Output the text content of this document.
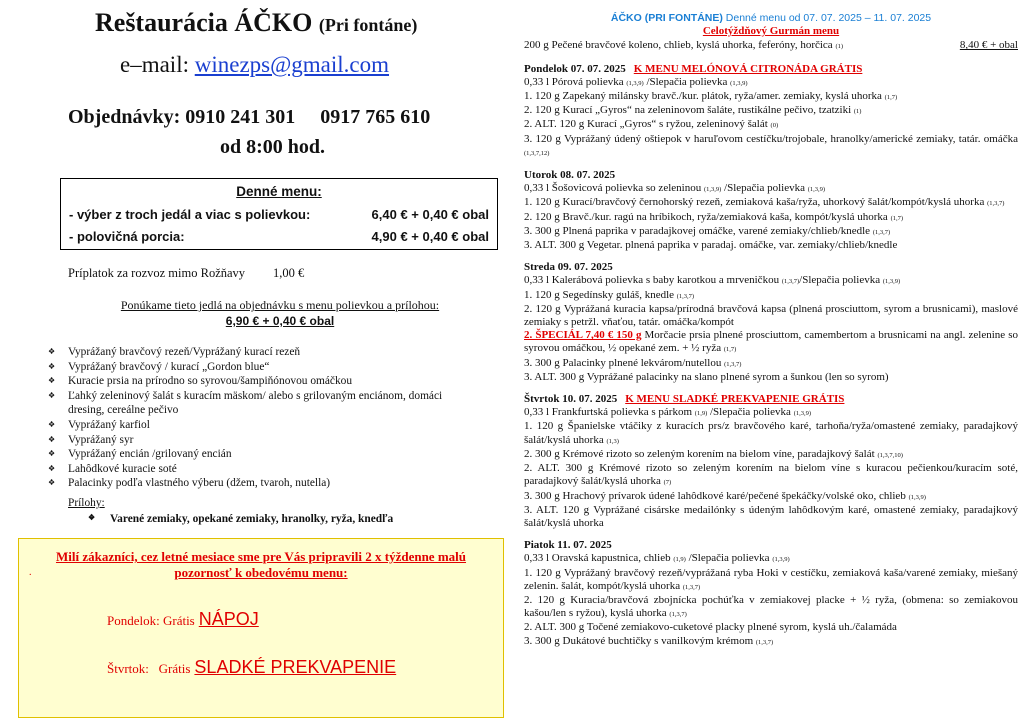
Reštaurácia ÁČKO (Pri fontáne)
e–mail: winezps@gmail.com
Objednávky: 0910 241 301     0917 765 610
od 8:00 hod.
Denné menu:
- výber z troch jedál a viac s polievkou:	6,40 € + 0,40 € obal
- polovičná porcia:	4,90 € + 0,40 € obal
Príplatok za rozvoz mimo Rožňavy 1,00 €
Ponúkame tieto jedlá na objednávku s menu polievkou a prílohou:
6,90 € + 0,40 € obal
❖	Vyprážaný bravčový rezeň/Vyprážaný kurací rezeň
❖	Vyprážaný bravčový / kurací „Gordon blue“
❖	Kuracie prsia na prírodno so syrovou/šampiňónovou omáčkou
❖	Ľahký zeleninový šalát s kuracím mäskom/ alebo s grilovaným enciánom, domáci dresing, cereálne pečivo
❖	Vyprážaný karfiol
❖	Vyprážaný syr
❖	Vyprážaný encián /grilovaný encián
❖	Lahôdkové kuracie soté
❖	Palacinky podľa vlastného výberu (džem, tvaroh, nutella)
Prílohy:
❖	Varené zemiaky, opekané zemiaky, hranolky, ryža, knedľa
Milí zákazníci, cez letné mesiace sme pre Vás pripravili 2 x týždenne malú
pozornosť k obedovému menu:
.
Pondelok: Grátis NÁPOJ
Štvrtok:   Grátis SLADKÉ PREKVAPENIE
ÁČKO (PRI FONTÁNE) Denné menu od 07. 07. 2025 – 11. 07. 2025
Celotýždňový Gurmán menu
200 g Pečené bravčové koleno, chlieb, kyslá uhorka, feferóny, horčica (1)	8,40 € + obal
Pondelok 07. 07. 2025 K MENU MELÓNOVÁ CITRONÁDA GRÁTIS
0,33 l Pórová polievka (1,3,9) /Slepačia polievka (1,3,9)
1. 120 g Zapekaný milánsky bravč./kur. plátok, ryža/amer. zemiaky, kyslá uhorka (1,7)
2. 120 g Kurací „Gyros“ na zeleninovom šaláte, rustikálne pečivo, tzatziki (1)
2. ALT. 120 g Kurací „Gyros“ s ryžou, zeleninový šalát (0)
3. 120 g Vyprážaný údený oštiepok v haruľovom cestíčku/trojobale, hranolky/americké zemiaky, tatár. omáčka (1,3,7,12)
Utorok 08. 07. 2025
0,33 l Šošovicová polievka so zeleninou (1,3,9) /Slepačia polievka (1,3,9)
1. 120 g Kurací/bravčový černohorský rezeň, zemiaková kaša/ryža, uhorkový šalát/kompót/kyslá uhorka (1,3,7)
2. 120 g Bravč./kur. ragú na hríbikoch, ryža/zemiaková kaša, kompót/kyslá uhorka (1,7)
3. 300 g Plnená paprika v paradajkovej omáčke, varené zemiaky/chlieb/knedle (1,3,7)
3. ALT. 300 g Vegetar. plnená paprika v paradaj. omáčke, var. zemiaky/chlieb/knedle
Streda 09. 07. 2025
0,33 l Kalerábová polievka s baby karotkou a mrveničkou (1,3,7)/Slepačia polievka (1,3,9)
1. 120 g Segedínsky guláš, knedle (1,3,7)
2. 120 g Vyprážaná kuracia kapsa/prírodná bravčová kapsa (plnená prosciuttom, syrom a brusnicami), maslové zemiaky s petržl. vňaťou, tatár. omáčka/kompót
2. ŠPECIÁL 7,40 € 150 g Morčacie prsia plnené prosciuttom, camembertom a brusnicami na angl. zelenine so syrovou omáčkou, ½ opekané zem. + ½ ryža (1,7)
3. 300 g Palacinky plnené lekvárom/nutellou (1,3,7)
3. ALT. 300 g Vyprážané palacinky na slano plnené syrom a šunkou (len so syrom)
Štvrtok 10. 07. 2025 K MENU SLADKÉ PREKVAPENIE GRÁTIS
0,33 l Frankfurtská polievka s párkom (1,9) /Slepačia polievka (1,3,9)
1. 120 g Španielske vtáčiky z kuracích prs/z bravčového karé, tarhoňa/ryža/omastené zemiaky, paradajkový šalát/kyslá uhorka (1,3)
2. 300 g Krémové rizoto so zeleným korením na bielom víne, paradajkový šalát (1,3,7,10)
2. ALT. 300 g Krémové rizoto so zeleným korením na bielom víne s kuracou pečienkou/kuracím soté, paradajkový šalát/kyslá uhorka (7)
3. 300 g Hrachový prívarok údené lahôdkové karé/pečené špekáčky/volské oko, chlieb (1,3,9)
3. ALT. 120 g Vyprážané cisárske medailónky s údeným lahôdkovým karé, omastené zemiaky, paradajkový šalát/kyslá uhorka
Piatok 11. 07. 2025
0,33 l Oravská kapustnica, chlieb (1,9) /Slepačia polievka (1,3,9)
1. 120 g Vyprážaný bravčový rezeň/vyprážaná ryba Hoki v cestíčku, zemiaková kaša/varené zemiaky, miešaný zelenin. šalát, kompót/kyslá uhorka (1,3,7)
2. 120 g Kuracia/bravčová zbojnícka pochúťka v zemiakovej placke + ½ ryža, (obmena: so zemiakovou kašou/len s ryžou), kyslá uhorka (1,3,7)
2. ALT. 300 g Točené zemiakovo-cuketové placky plnené syrom, kyslá uh./čalamáda
3. 300 g Dukátové buchtičky s vanilkovým krémom (1,3,7)
